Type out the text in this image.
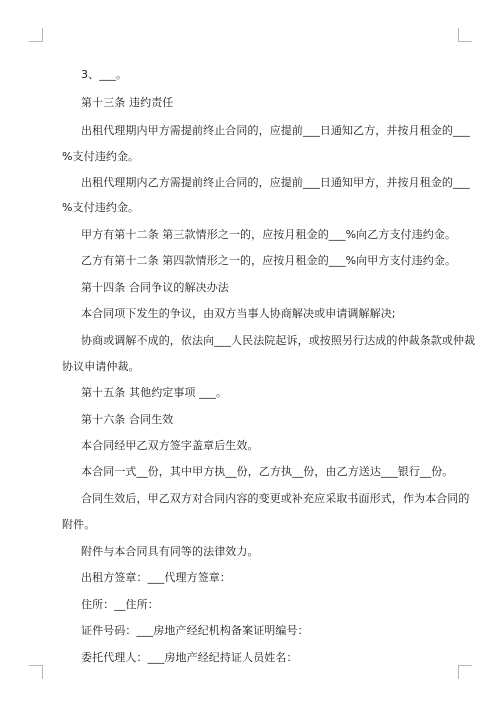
3、___。
第十三条 违约责任
出租代理期内甲方需提前终止合同的，应提前___日通知乙方，并按月租金的___
%支付违约金。
出租代理期内乙方需提前终止合同的，应提前___日通知甲方，并按月租金的___
%支付违约金。
甲方有第十二条 第三款情形之一的，应按月租金的___%向乙方支付违约金。
乙方有第十二条 第四款情形之一的，应按月租金的___%向甲方支付违约金。
第十四条 合同争议的解决办法
本合同项下发生的争议，由双方当事人协商解决或申请调解解决;
协商或调解不成的，依法向___人民法院起诉，或按照另行达成的仲裁条款或仲裁
协议申请仲裁。
第十五条 其他约定事项 ___。
第十六条 合同生效
本合同经甲乙双方签字盖章后生效。
本合同一式__份，其中甲方执__份，乙方执__份，由乙方送达___银行__份。
合同生效后，甲乙双方对合同内容的变更或补充应采取书面形式，作为本合同的
附件。
附件与本合同具有同等的法律效力。
出租方签章：___代理方签章：
住所：__住所：
证件号码：___房地产经纪机构备案证明编号：
委托代理人：___房地产经纪持证人员姓名：
